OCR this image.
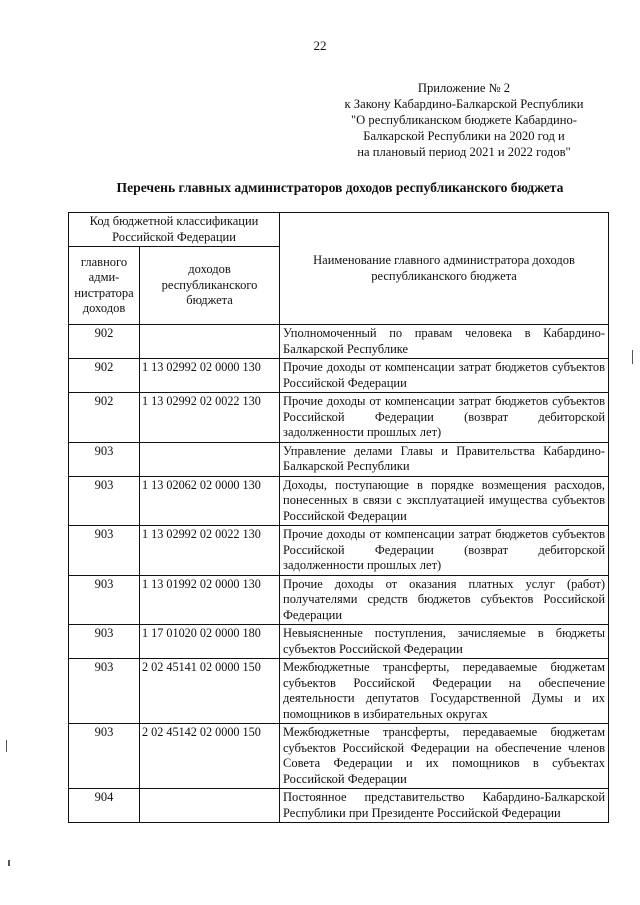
22
Приложение № 2
к Закону Кабардино-Балкарской Республики
"О республиканском бюджете Кабардино-
Балкарской Республики на 2020 год и
на плановый период 2021 и 2022 годов"
Перечень главных администраторов доходов республиканского бюджета
Код бюджетной классификации Российской Федерации		Наименование главного администратора доходов республиканского бюджета
главного адми-нистратора доходов	доходов республиканского бюджета	
902		Уполномоченный по правам человека в Кабардино-Балкарской Республике
902	1 13 02992 02 0000 130	Прочие доходы от компенсации затрат бюджетов субъектов Российской Федерации
902	1 13 02992 02 0022 130	Прочие доходы от компенсации затрат бюджетов субъектов Российской Федерации (возврат дебиторской задолженности прошлых лет)
903		Управление делами Главы и Правительства Кабардино-Балкарской Республики
903	1 13 02062 02 0000 130	Доходы, поступающие в порядке возмещения расходов, понесенных в связи с эксплуатацией имущества субъектов Российской Федерации
903	1 13 02992 02 0022 130	Прочие доходы от компенсации затрат бюджетов субъектов Российской Федерации (возврат дебиторской задолженности прошлых лет)
903	1 13 01992 02 0000 130	Прочие доходы от оказания платных услуг (работ) получателями средств бюджетов субъектов Российской Федерации
903	1 17 01020 02 0000 180	Невыясненные поступления, зачисляемые в бюджеты субъектов Российской Федерации
903	2 02 45141 02 0000 150	Межбюджетные трансферты, передаваемые бюджетам субъектов Российской Федерации на обеспечение деятельности депутатов Государственной Думы и их помощников в избирательных округах
903	2 02 45142 02 0000 150	Межбюджетные трансферты, передаваемые бюджетам субъектов Российской Федерации на обеспечение членов Совета Федерации и их помощников в субъектах Российской Федерации
904		Постоянное представительство Кабардино-Балкарской Республики при Президенте Российской Федерации
